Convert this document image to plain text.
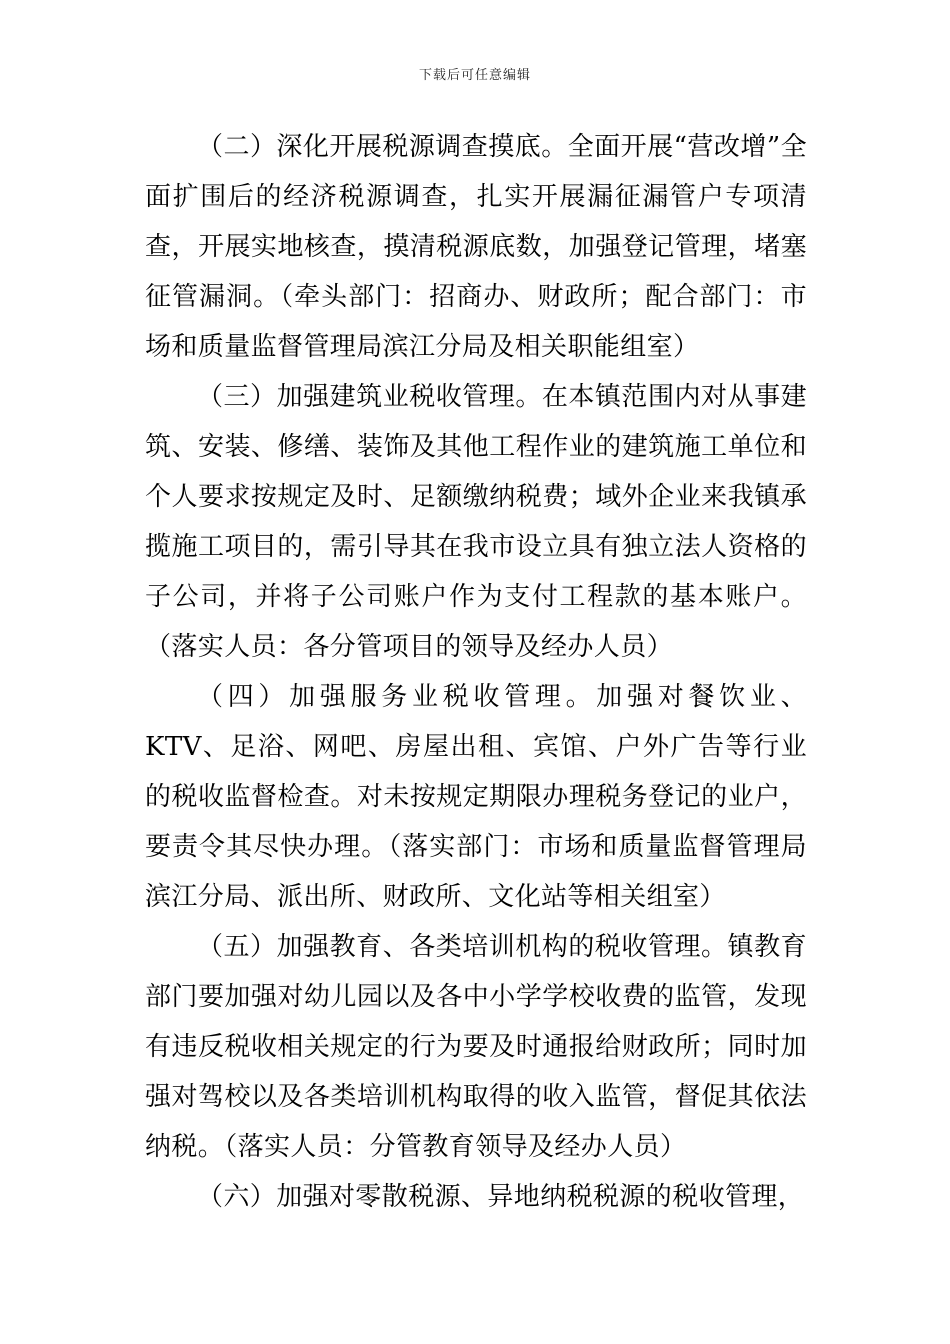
下载后可任意编辑

（二）深化开展税源调查摸底。全面开展“营改增”全面扩围后的经济税源调查，扎实开展漏征漏管户专项清查，开展实地核查，摸清税源底数，加强登记管理，堵塞征管漏洞。（牵头部门：招商办、财政所；配合部门：市场和质量监督管理局滨江分局及相关职能组室）

（三）加强建筑业税收管理。在本镇范围内对从事建筑、安装、修缮、装饰及其他工程作业的建筑施工单位和个人要求按规定及时、足额缴纳税费；域外企业来我镇承揽施工项目的，需引导其在我市设立具有独立法人资格的子公司，并将子公司账户作为支付工程款的基本账户。（落实人员：各分管项目的领导及经办人员）

（四）加强服务业税收管理。加强对餐饮业、KTV、足浴、网吧、房屋出租、宾馆、户外广告等行业的税收监督检查。对未按规定期限办理税务登记的业户，要责令其尽快办理。（落实部门：市场和质量监督管理局滨江分局、派出所、财政所、文化站等相关组室）

（五）加强教育、各类培训机构的税收管理。镇教育部门要加强对幼儿园以及各中小学学校收费的监管，发现有违反税收相关规定的行为要及时通报给财政所；同时加强对驾校以及各类培训机构取得的收入监管，督促其依法纳税。（落实人员：分管教育领导及经办人员）

（六）加强对零散税源、异地纳税税源的税收管理，
